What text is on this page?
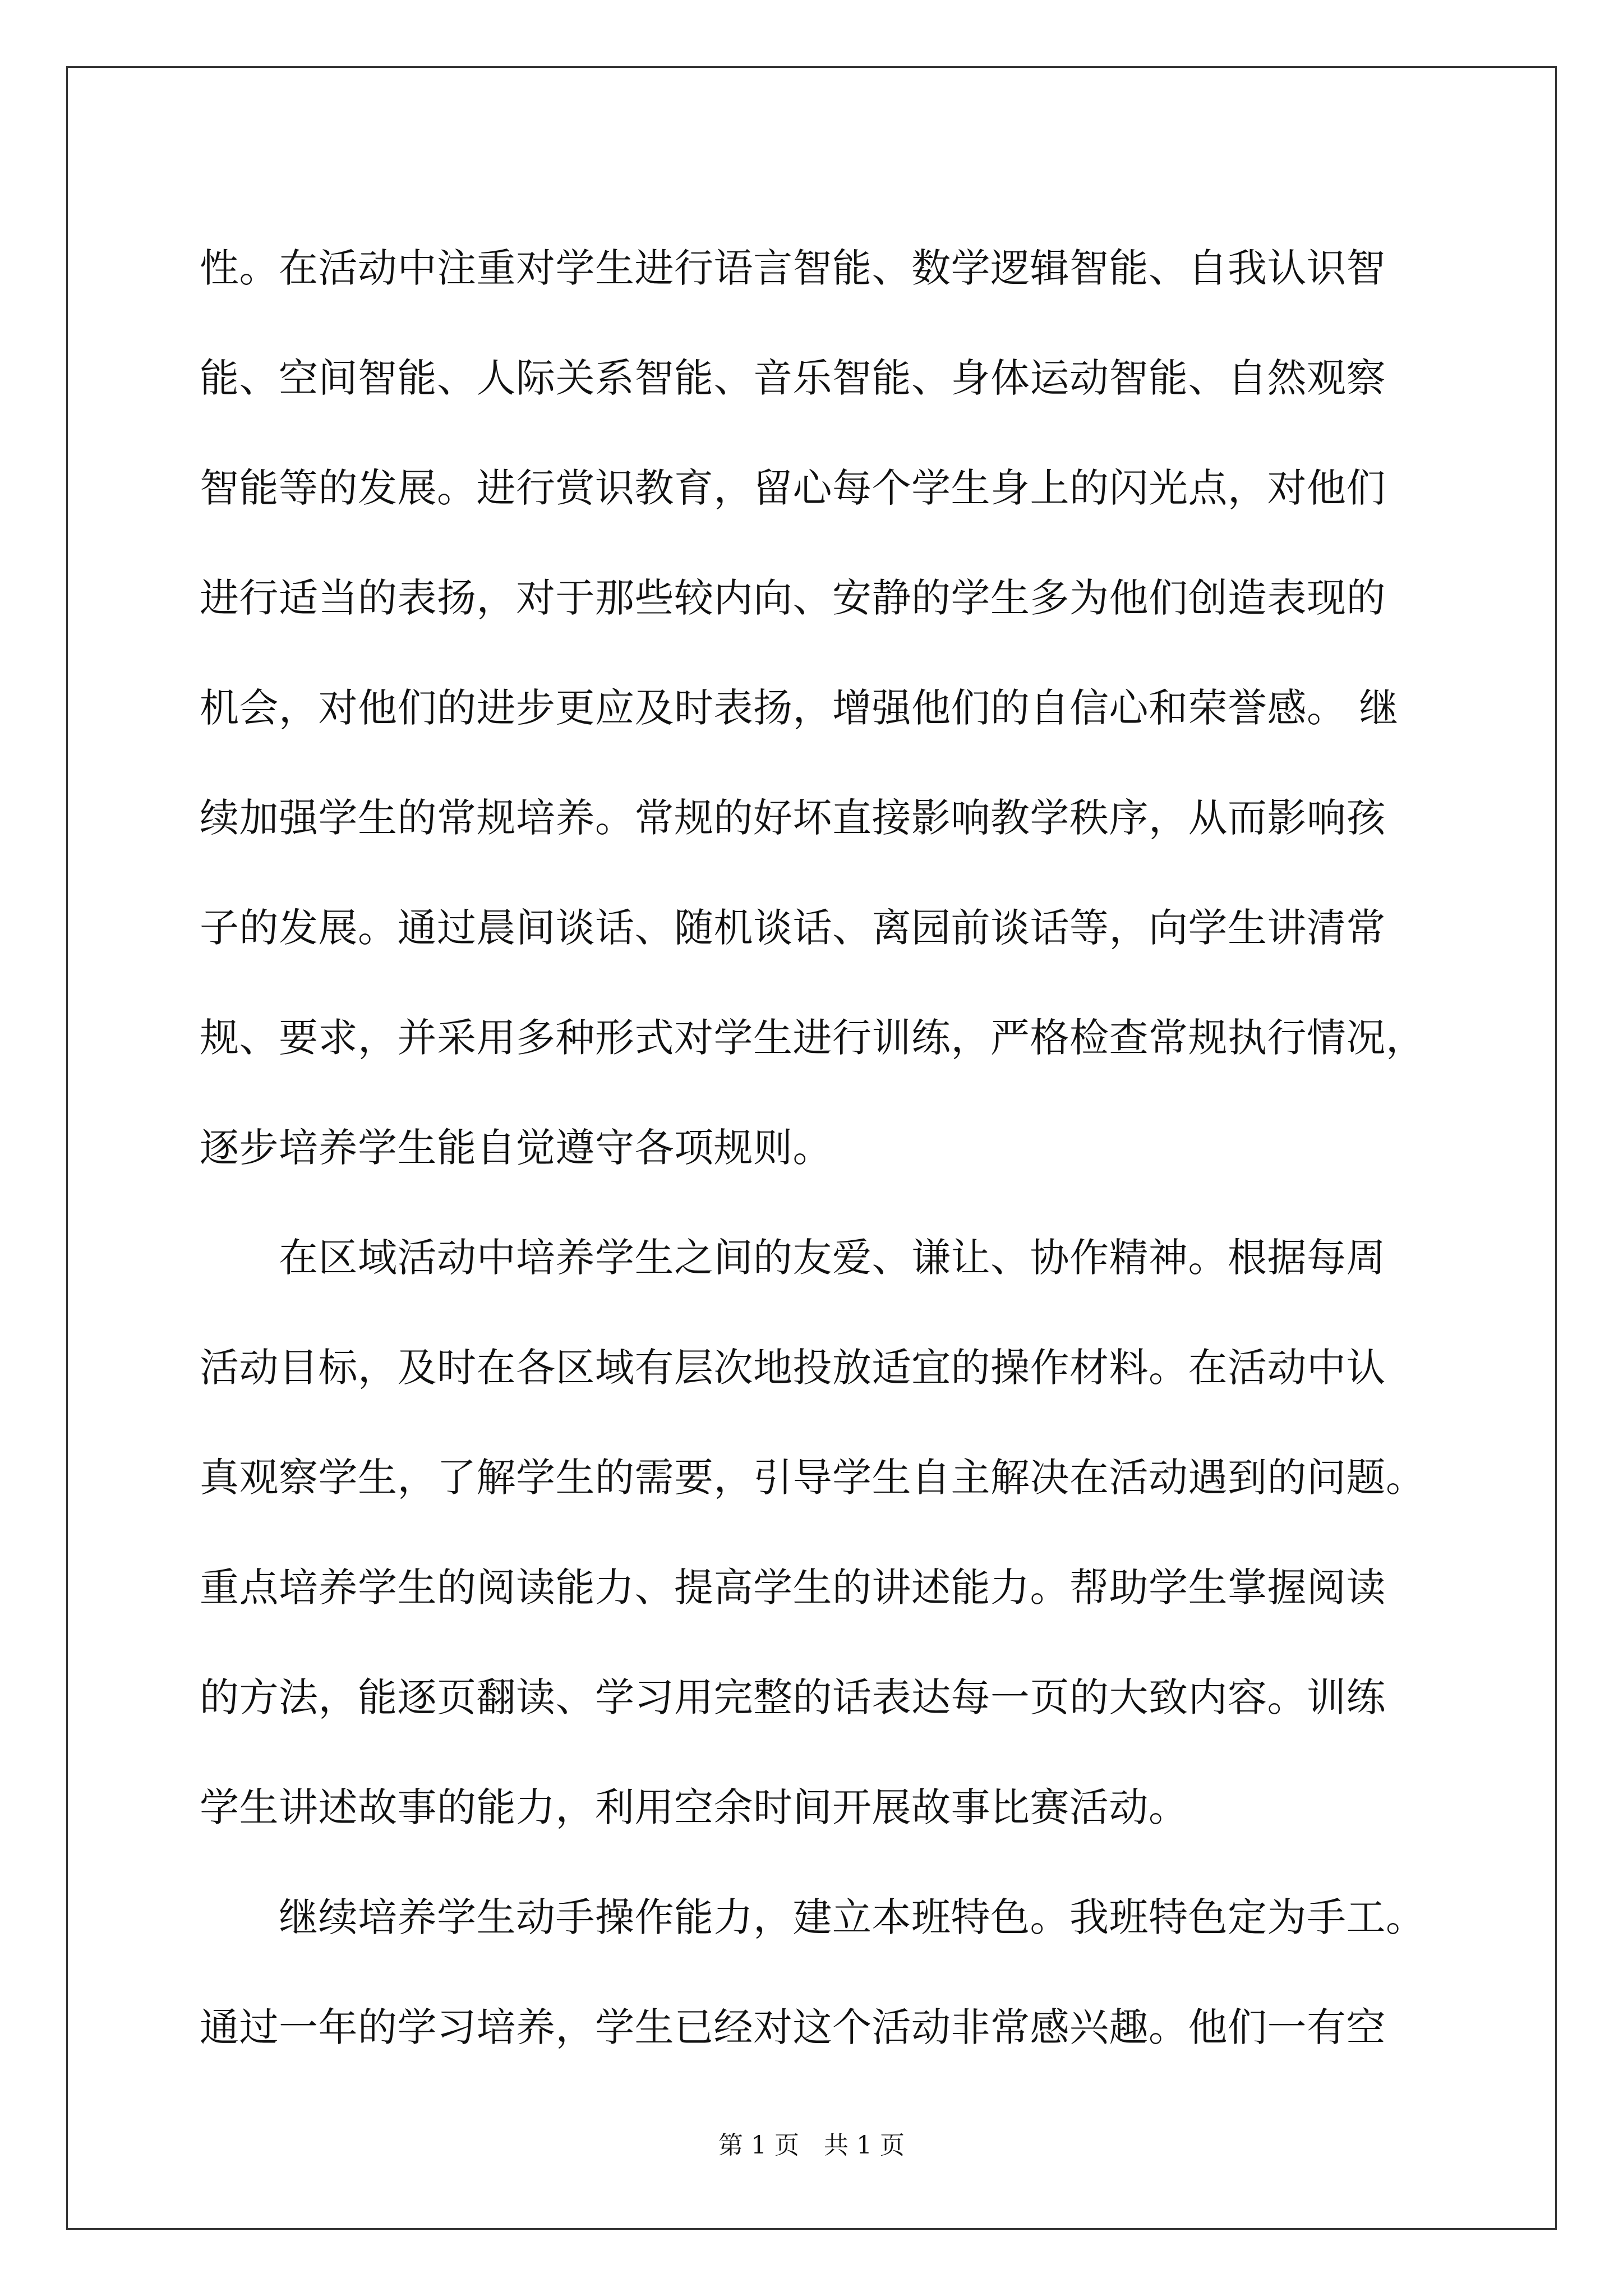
性。在活动中注重对学生进行语言智能、数学逻辑智能、自我认识智
能、空间智能、人际关系智能、音乐智能、身体运动智能、自然观察
智能等的发展。进行赏识教育，留心每个学生身上的闪光点，对他们
进行适当的表扬，对于那些较内向、安静的学生多为他们创造表现的
机会，对他们的进步更应及时表扬，增强他们的自信心和荣誉感。 继
续加强学生的常规培养。常规的好坏直接影响教学秩序，从而影响孩
子的发展。通过晨间谈话、随机谈话、离园前谈话等，向学生讲清常
规、要求，并采用多种形式对学生进行训练，严格检查常规执行情况，
逐步培养学生能自觉遵守各项规则。

　　在区域活动中培养学生之间的友爱、谦让、协作精神。根据每周
活动目标，及时在各区域有层次地投放适宜的操作材料。在活动中认
真观察学生，了解学生的需要，引导学生自主解决在活动遇到的问题。
重点培养学生的阅读能力、提高学生的讲述能力。帮助学生掌握阅读
的方法，能逐页翻读、学习用完整的话表达每一页的大致内容。训练
学生讲述故事的能力，利用空余时间开展故事比赛活动。

　　继续培养学生动手操作能力，建立本班特色。我班特色定为手工。
通过一年的学习培养，学生已经对这个活动非常感兴趣。他们一有空

第 1 页　共 1 页
